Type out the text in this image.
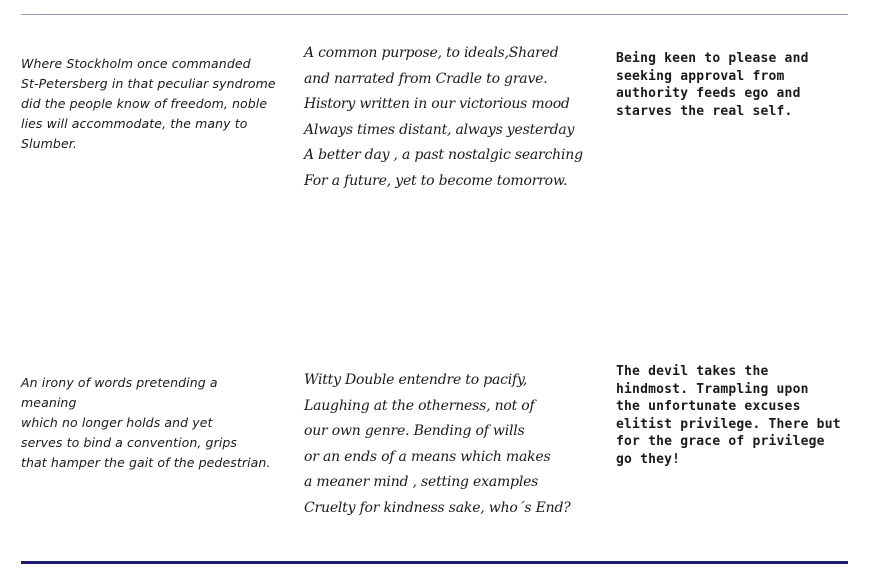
Where Stockholm once commanded
St-Petersberg in that peculiar syndrome
did the people know of freedom, noble
lies will accommodate, the many to
Slumber.
A common purpose, to ideals,Shared
and narrated from Cradle to grave.
History written in our victorious mood
Always times distant, always yesterday
A better day , a past nostalgic searching
For a future, yet to become tomorrow.
Being keen to please and
seeking approval from
authority feeds ego and
starves the real self.
An irony of words pretending a
meaning
which no longer holds and yet
serves to bind a convention, grips
that hamper the gait of the pedestrian.
Witty Double entendre to pacify,
Laughing at the otherness, not of
our own genre. Bending of wills
or an ends of a means which makes
a meaner mind , setting examples
Cruelty for kindness sake, who´s End?
The devil takes the
hindmost. Trampling upon
the unfortunate excuses
elitist privilege. There but
for the grace of privilege
go they!
